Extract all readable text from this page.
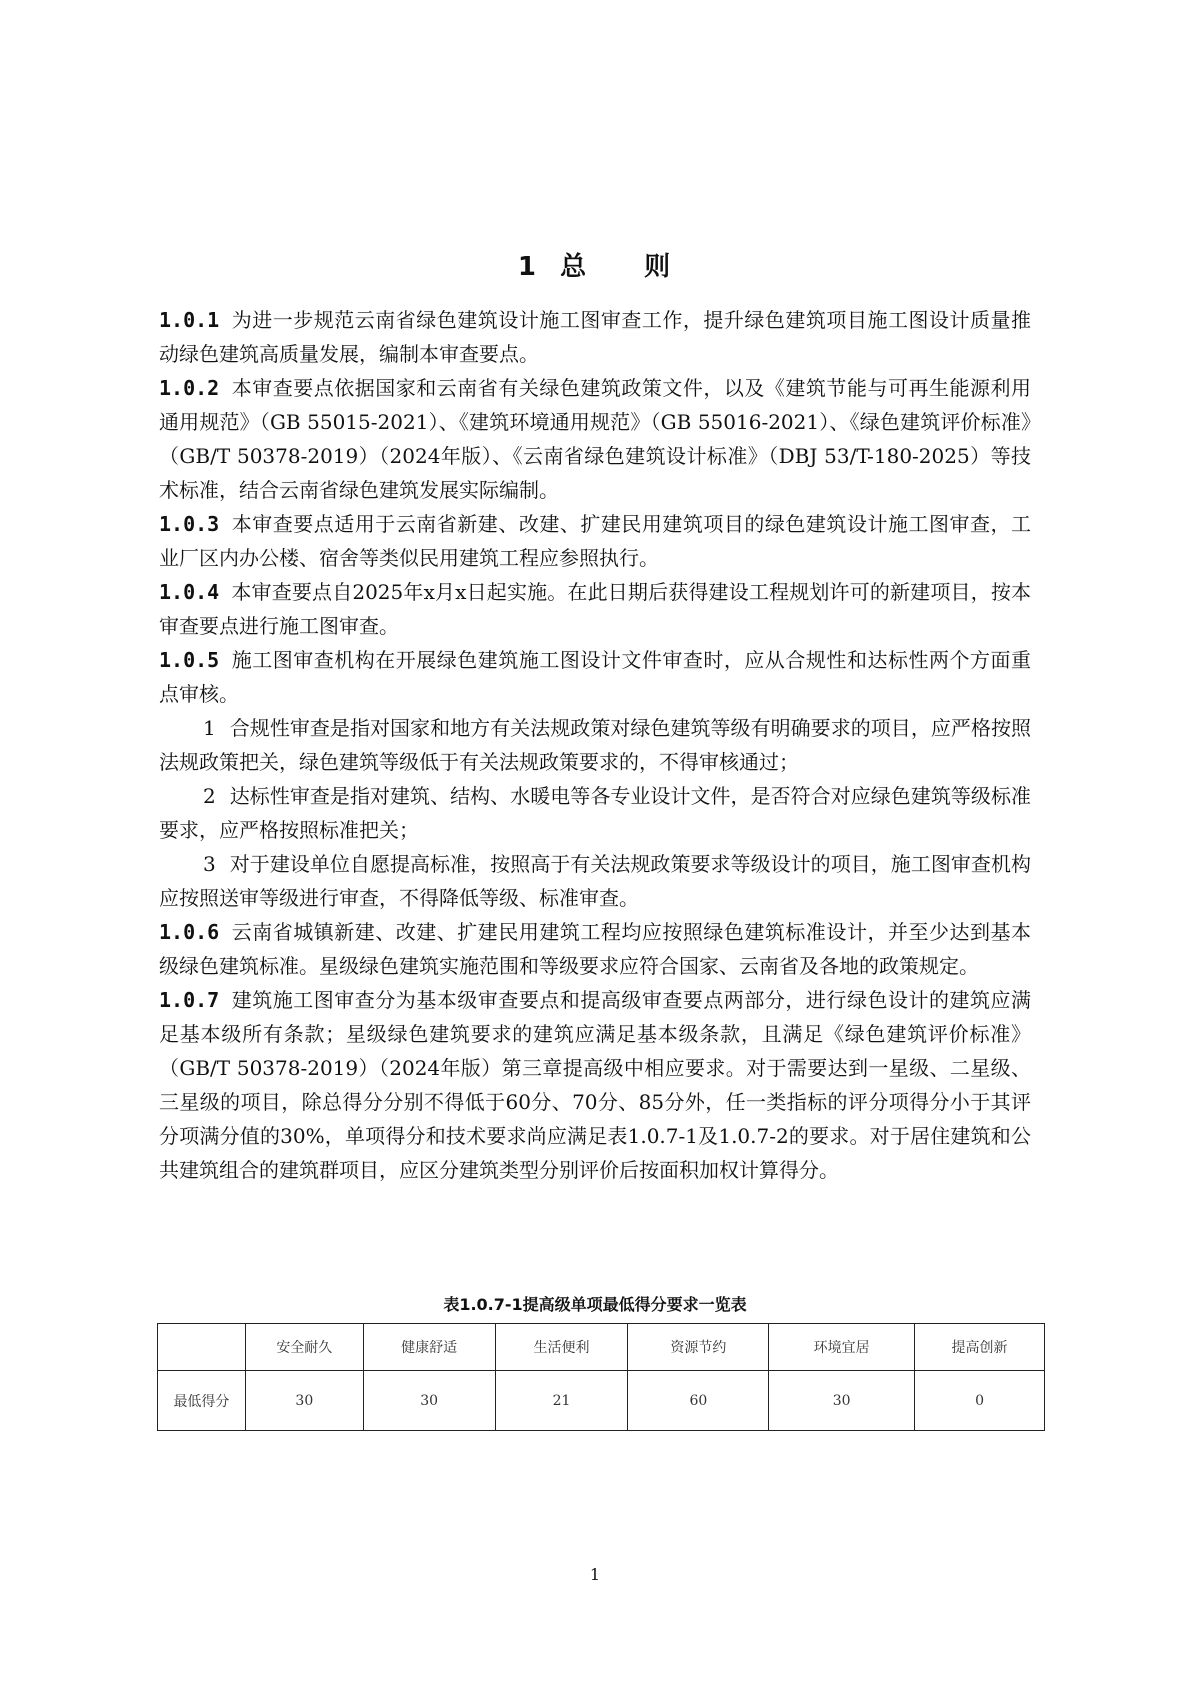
1 总 则

1.0.1 为进一步规范云南省绿色建筑设计施工图审查工作，提升绿色建筑项目施工图设计质量推动绿色建筑高质量发展，编制本审查要点。

1.0.2 本审查要点依据国家和云南省有关绿色建筑政策文件，以及《建筑节能与可再生能源利用通用规范》（GB 55015-2021）、《建筑环境通用规范》（GB 55016-2021）、《绿色建筑评价标准》（GB/T 50378-2019）（2024年版）、《云南省绿色建筑设计标准》（DBJ 53/T-180-2025）等技术标准，结合云南省绿色建筑发展实际编制。

1.0.3 本审查要点适用于云南省新建、改建、扩建民用建筑项目的绿色建筑设计施工图审查，工业厂区内办公楼、宿舍等类似民用建筑工程应参照执行。

1.0.4 本审查要点自2025年x月x日起实施。在此日期后获得建设工程规划许可的新建项目，按本审查要点进行施工图审查。

1.0.5 施工图审查机构在开展绿色建筑施工图设计文件审查时，应从合规性和达标性两个方面重点审核。

1 合规性审查是指对国家和地方有关法规政策对绿色建筑等级有明确要求的项目，应严格按照法规政策把关，绿色建筑等级低于有关法规政策要求的，不得审核通过；

2 达标性审查是指对建筑、结构、水暖电等各专业设计文件，是否符合对应绿色建筑等级标准要求，应严格按照标准把关；

3 对于建设单位自愿提高标准，按照高于有关法规政策要求等级设计的项目，施工图审查机构应按照送审等级进行审查，不得降低等级、标准审查。

1.0.6 云南省城镇新建、改建、扩建民用建筑工程均应按照绿色建筑标准设计，并至少达到基本级绿色建筑标准。星级绿色建筑实施范围和等级要求应符合国家、云南省及各地的政策规定。

1.0.7 建筑施工图审查分为基本级审查要点和提高级审查要点两部分，进行绿色设计的建筑应满足基本级所有条款；星级绿色建筑要求的建筑应满足基本级条款，且满足《绿色建筑评价标准》（GB/T 50378-2019）（2024年版）第三章提高级中相应要求。对于需要达到一星级、二星级、三星级的项目，除总得分分别不得低于60分、70分、85分外，任一类指标的评分项得分小于其评分项满分值的30%，单项得分和技术要求尚应满足表1.0.7-1及1.0.7-2的要求。对于居住建筑和公共建筑组合的建筑群项目，应区分建筑类型分别评价后按面积加权计算得分。

表1.0.7-1提高级单项最低得分要求一览表
	安全耐久	健康舒适	生活便利	资源节约	环境宜居	提高创新
最低得分	30	30	21	60	30	0
1
